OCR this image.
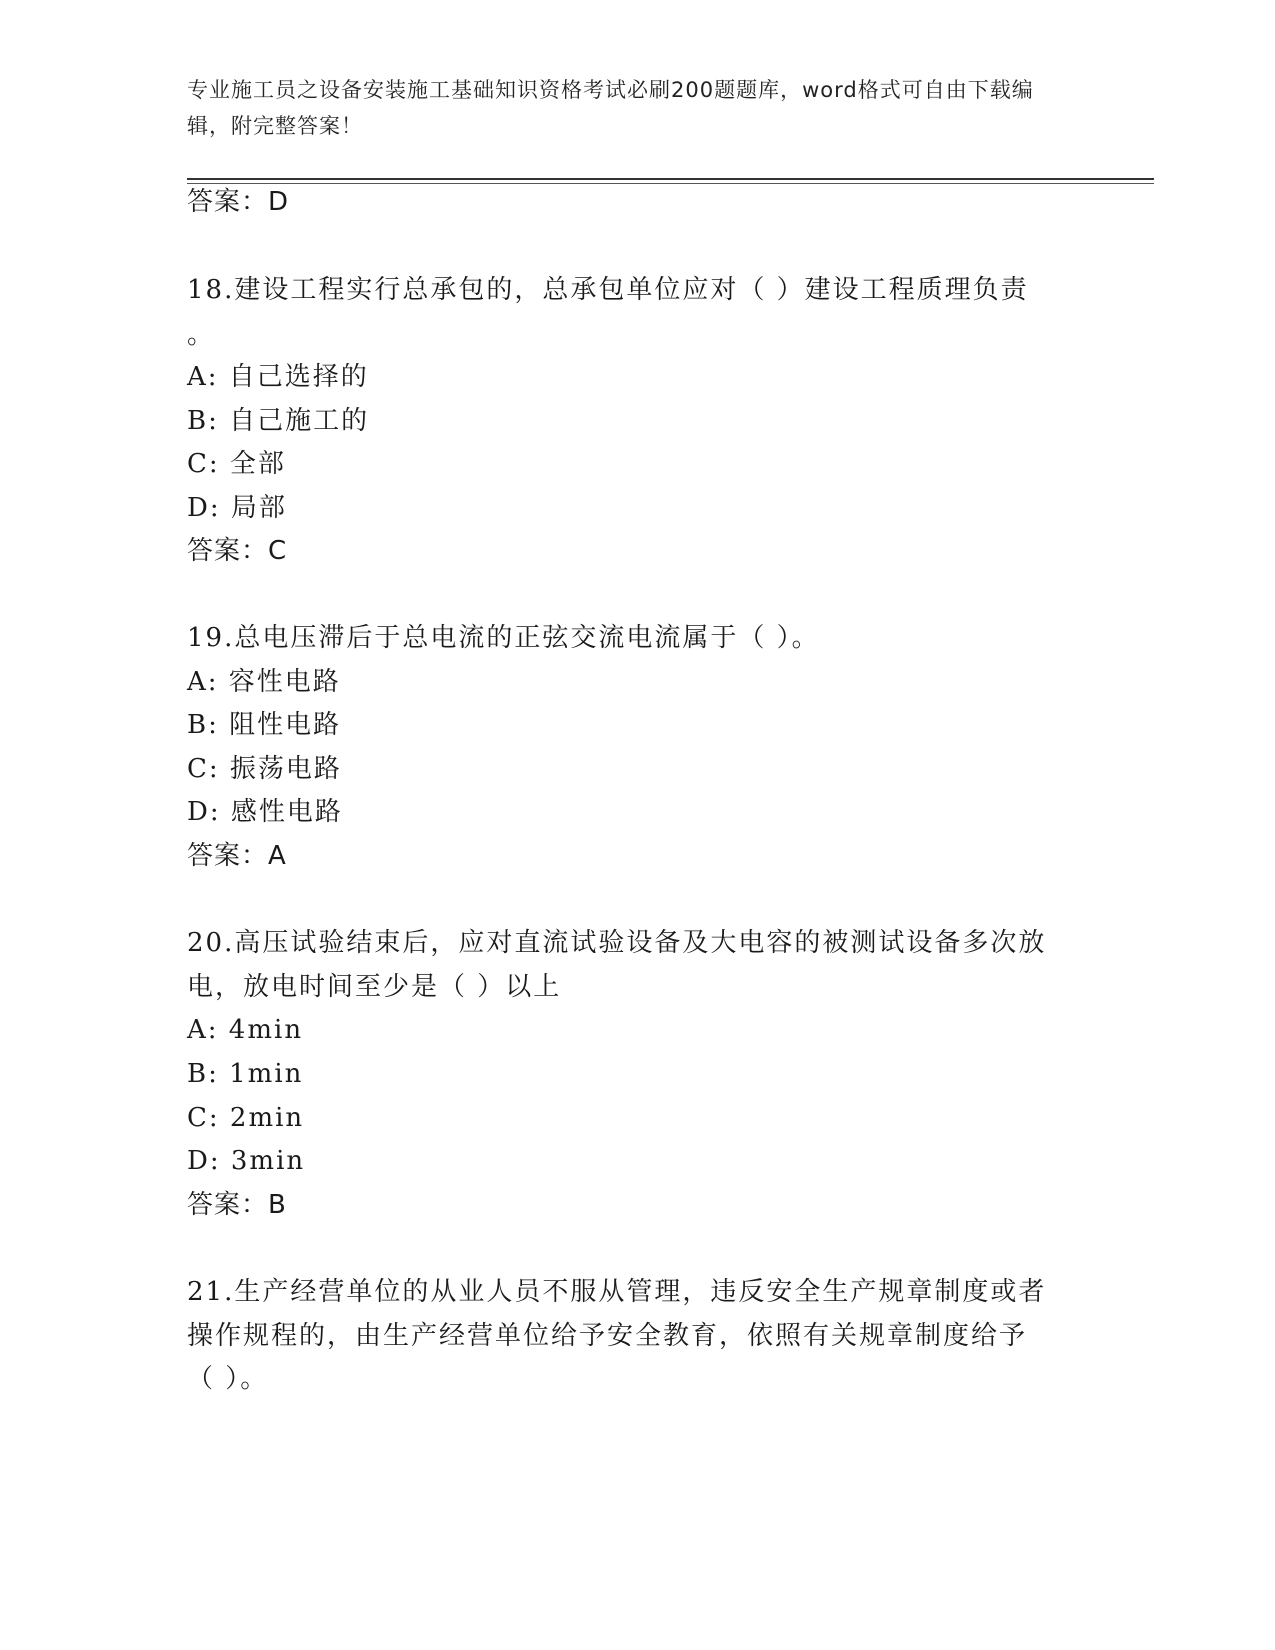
专业施工员之设备安装施工基础知识资格考试必刷200题题库，word格式可自由下载编辑，附完整答案！
答案：D
18.建设工程实行总承包的，总承包单位应对（ ）建设工程质理负责
。
A: 自己选择的
B: 自己施工的
C: 全部
D: 局部
答案：C
19.总电压滞后于总电流的正弦交流电流属于（ ）。
A: 容性电路
B: 阻性电路
C: 振荡电路
D: 感性电路
答案：A
20.高压试验结束后，应对直流试验设备及大电容的被测试设备多次放
电，放电时间至少是（ ）以上
A: 4min
B: 1min
C: 2min
D: 3min
答案：B
21.生产经营单位的从业人员不服从管理，违反安全生产规章制度或者
操作规程的，由生产经营单位给予安全教育，依照有关规章制度给予
（ ）。
